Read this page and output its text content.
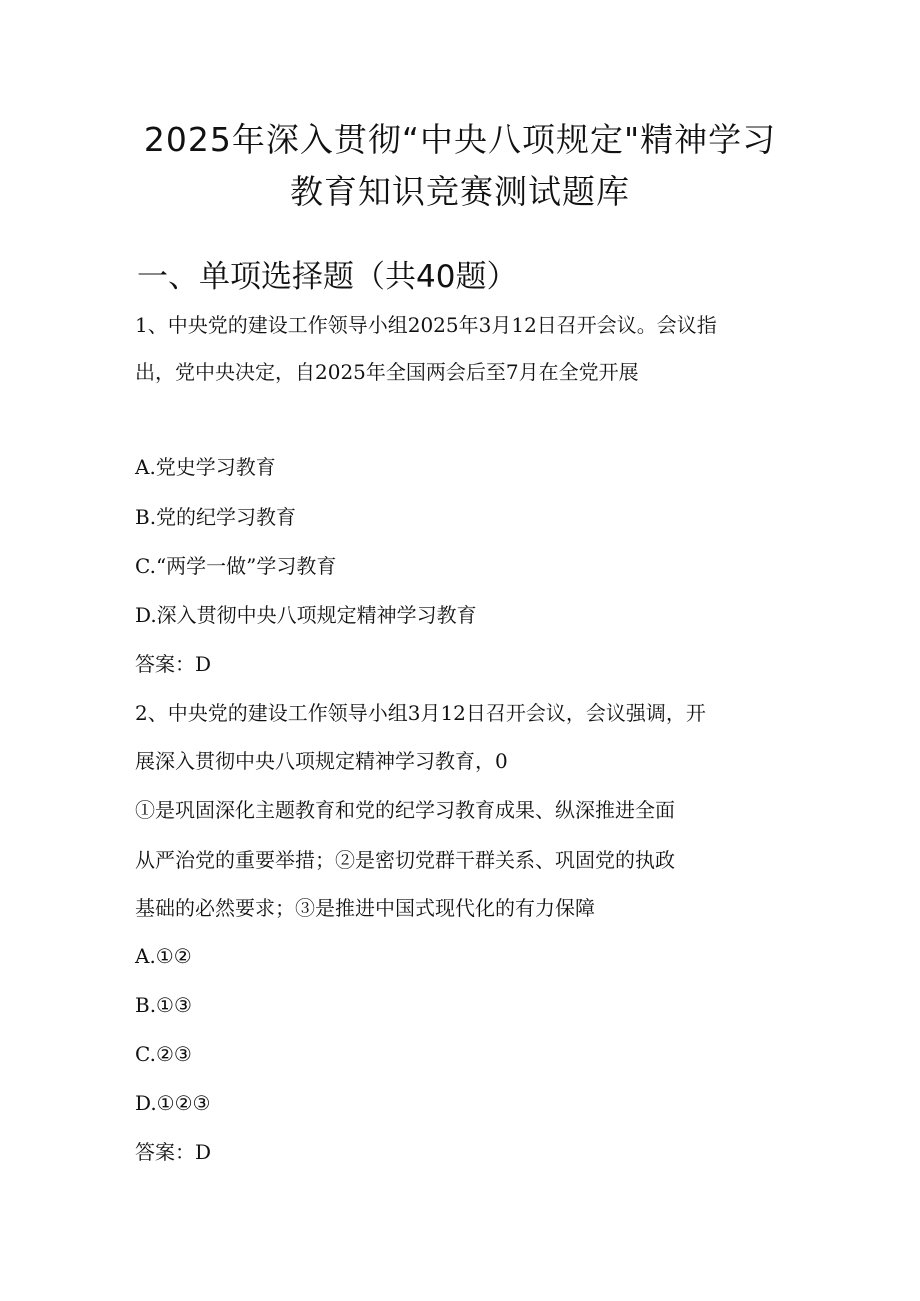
2025年深入贯彻“中央八项规定"精神学习
教育知识竞赛测试题库
一、单项选择题（共40题）
1、中央党的建设工作领导小组2025年3月12日召开会议。会议指
出，党中央决定，自2025年全国两会后至7月在全党开展
A.党史学习教育
B.党的纪学习教育
C.“两学一做”学习教育
D.深入贯彻中央八项规定精神学习教育
答案：D
2、中央党的建设工作领导小组3月12日召开会议，会议强调，开
展深入贯彻中央八项规定精神学习教育，0
①是巩固深化主题教育和党的纪学习教育成果、纵深推进全面
从严治党的重要举措；②是密切党群干群关系、巩固党的执政
基础的必然要求；③是推进中国式现代化的有力保障
A.①②
B.①③
C.②③
D.①②③
答案：D
